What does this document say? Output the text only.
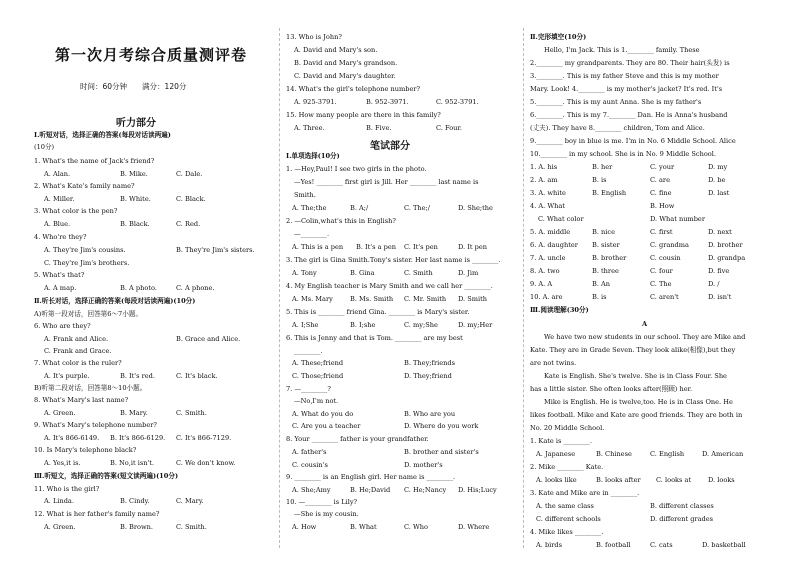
第一次月考综合质量测评卷
时间：60分钟　　满分：120分
听力部分
Ⅰ.听短对话，选择正确的答案(每段对话读两遍)
(10分)
1. What's the name of Jack's friend?
A. Alan.	B. Mike.	C. Dale.
2. What's Kate's family name?
A. Miller.	B. White.	C. Black.
3. What color is the pen?
A. Blue.	B. Black.	C. Red.
4. Who're they?
A. They're Jim's cousins.	B. They're Jim's sisters.
C. They're Jim's brothers.
5. What's that?
A. A map.	B. A photo.	C. A phone.
Ⅱ.听长对话，选择正确的答案(每段对话读两遍)(10分)
A)听第一段对话，回答第6～7小题。
6. Who are they?
A. Frank and Alice.	B. Grace and Alice.
C. Frank and Grace.
7. What color is the ruler?
A. It's purple.	B. It's red.	C. It's black.
B)听第二段对话，回答第8～10小题。
8. What's Mary's last name?
A. Green.	B. Mary.	C. Smith.
9. What's Mary's telephone number?
A. It's 866-6149. B. It's 866-6129. C. It's 866-7129.
10. Is Mary's telephone black?
A. Yes,it is.	B. No,it isn't.	C. We don't know.
Ⅲ.听短文，选择正确的答案(短文读两遍)(10分)
11. Who is the girl?
A. Linda.	B. Cindy.	C. Mary.
12. What is her father's family name?
A. Green.	B. Brown.	C. Smith.
13. Who is John?
A. David and Mary's son.
B. David and Mary's grandson.
C. David and Mary's daughter.
14. What's the girl's telephone number?
A. 925-3791.	B. 952-3971.	C. 952-3791.
15. How many people are there in this family?
A. Three.	B. Five.	C. Four.
笔试部分
Ⅰ.单项选择(10分)
1. —Hey,Paul! I see two girls in the photo.
—Yes! ________ first girl is Jill. Her ________ last name is
Smith.
A. The;the	B. A;/	C. The;/	D. She;the
2. —Colin,what's this in English?
—________.
A. This is a pen B. It's a pen C. It's pen	D. It pen
3. The girl is Gina Smith.Tony's sister. Her last name is ________.
A. Tony	B. Gina	C. Smith	D. Jim
4. My English teacher is Mary Smith and we call her ________.
A. Ms. Mary	B. Ms. Smith C. Mr. Smith D. Smith
5. This is ________ friend Gina. ________ is Mary's sister.
A. I;She	B. I;she	C. my;She	D. my;Her
6. This is Jenny and that is Tom. ________ are my best
________.
A. These;friend	B. They;friends
C. Those;friend	D. They;friend
7. —________?
—No,I'm not.
A. What do you do	B. Who are you
C. Are you a teacher	D. Where do you work
8. Your ________ father is your grandfather.
A. father's	B. brother and sister's
C. cousin's	D. mother's
9. ________ is an English girl. Her name is ________.
A. She;Amy	B. He;David C. He;Nancy D. His;Lucy
10. —________ is Lily?
—She is my cousin.
A. How	B. What	C. Who	D. Where
Ⅱ.完形填空(10分)
Hello, I'm Jack. This is 1.________ family. These
2.________ my grandparents. They are 80. Their hair(头发) is
3.________. This is my father Steve and this is my mother
Mary. Look! 4.________ is my mother's jacket? It's red. It's
5.________. This is my aunt Anna. She is my father's
6.________. This is my 7.________ Dan. He is Anna's husband
(丈夫). They have 8.________ children, Tom and Alice.
9.________ boy in blue is me. I'm in No. 6 Middle School. Alice
10.________ in my school. She is in No. 9 Middle School.
1. A. his	B. her	C. your	D. my
2. A. am	B. is	C. are	D. be
3. A. white	B. English	C. fine	D. last
4. A. What	B. How
C. What color	D. What number
5. A. middle	B. nice	C. first	D. next
6. A. daughter B. sister	C. grandma	D. brother
7. A. uncle	B. brother	C. cousin	D. grandpa
8. A. two	B. three	C. four	D. five
9. A. A	B. An	C. The	D. /
10. A. are	B. is	C. aren't	D. isn't
Ⅲ.阅读理解(30分)
A
We have two new students in our school. They are Mike and
Kate. They are in Grade Seven. They look alike(相像),but they
are not twins.
Kate is English. She's twelve. She is in Class Four. She
has a little sister. She often looks after(照顾) her.
Mike is English. He is twelve,too. He is in Class One. He
likes football. Mike and Kate are good friends. They are both in
No. 20 Middle School.
1. Kate is ________.
A. Japanese	B. Chinese	C. English	D. American
2. Mike ________ Kate.
A. looks like	B. looks after C. looks at	D. looks
3. Kate and Mike are in ________.
A. the same class	B. different classes
C. different schools	D. different grades
4. Mike likes ________.
A. birds	B. football	C. cats	D. basketball
